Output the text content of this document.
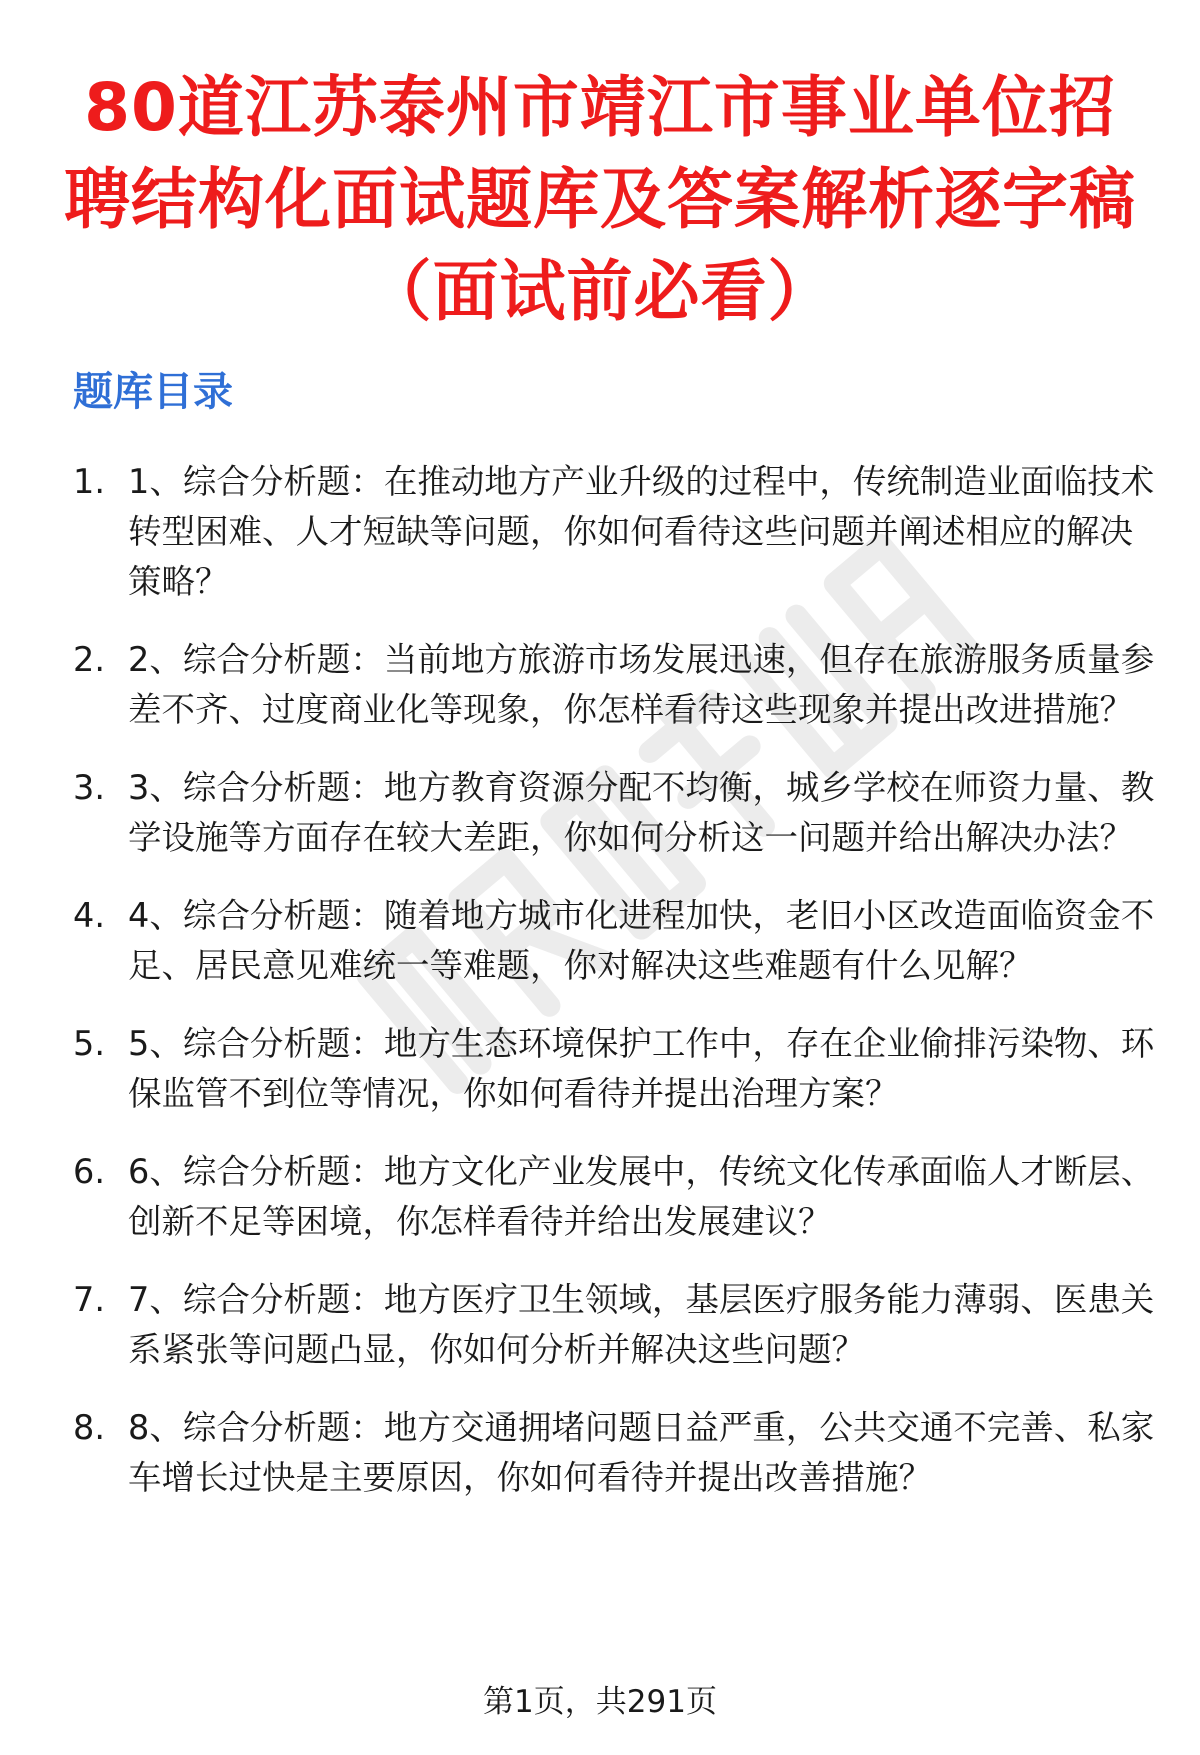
80道江苏泰州市靖江市事业单位招聘结构化面试题库及答案解析逐字稿（面试前必看）
题库目录
1. 1、综合分析题：在推动地方产业升级的过程中，传统制造业面临技术转型困难、人才短缺等问题，你如何看待这些问题并阐述相应的解决策略？
2. 2、综合分析题：当前地方旅游市场发展迅速，但存在旅游服务质量参差不齐、过度商业化等现象，你怎样看待这些现象并提出改进措施？
3. 3、综合分析题：地方教育资源分配不均衡，城乡学校在师资力量、教学设施等方面存在较大差距，你如何分析这一问题并给出解决办法？
4. 4、综合分析题：随着地方城市化进程加快，老旧小区改造面临资金不足、居民意见难统一等难题，你对解决这些难题有什么见解？
5. 5、综合分析题：地方生态环境保护工作中，存在企业偷排污染物、环保监管不到位等情况，你如何看待并提出治理方案？
6. 6、综合分析题：地方文化产业发展中，传统文化传承面临人才断层、创新不足等困境，你怎样看待并给出发展建议？
7. 7、综合分析题：地方医疗卫生领域，基层医疗服务能力薄弱、医患关系紧张等问题凸显，你如何分析并解决这些问题？
8. 8、综合分析题：地方交通拥堵问题日益严重，公共交通不完善、私家车增长过快是主要原因，你如何看待并提出改善措施？
第1页，共291页
